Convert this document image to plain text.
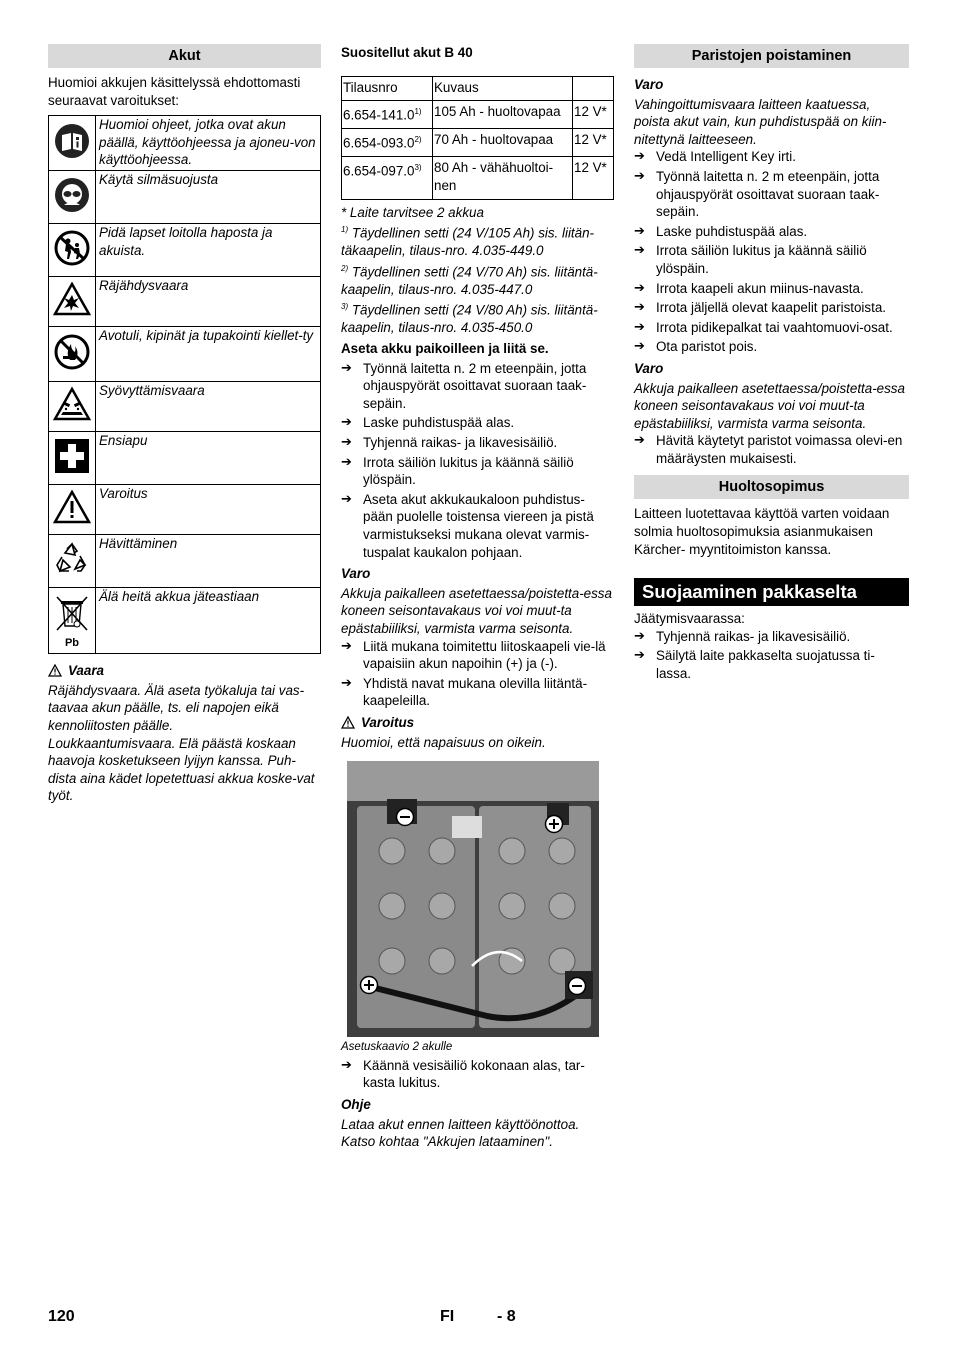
Akut

Huomioi akkujen käsittelyssä ehdottomasti seuraavat varoitukset:

	Huomioi ohjeet, jotka ovat akun päällä, käyttöohjeessa ja ajoneu-von käyttöohjeessa.
	Käytä silmäsuojusta
	Pidä lapset loitolla haposta ja akuista.
	Räjähdysvaara
	Avotuli, kipinät ja tupakointi kiellet-ty
	Syövyttämisvaara
	Ensiapu
	Varoitus
	Hävittäminen

Pb	Älä heitä akkua jäteastiaan
Vaara

Räjähdysvaara. Älä aseta työkaluja tai vas-taavaa akun päälle, ts. eli napojen eikä kennoliitosten päälle.

Loukkaantumisvaara. Elä päästä koskaan haavoja kosketukseen lyijyn kanssa. Puh-dista aina kädet lopetettuasi akkua koske-vat työt.

Suositellut akut B 40

Tilausnro	Kuvaus	
6.654-141.0$^{1)}$	105 Ah - huoltovapaa	12 V*
6.654-093.0$^{2)}$	70 Ah - huoltovapaa	12 V*
6.654-097.0$^{3)}$	80 Ah - vähähuoltoi-nen	12 V*

* Laite tarvitsee 2 akkua

$^{1)}$ Täydellinen setti (24 V/105 Ah) sis. liitän-täkaapelin, tilaus-nro. 4.035-449.0

$^{2)}$ Täydellinen setti (24 V/70 Ah) sis. liitäntä-kaapelin, tilaus-nro. 4.035-447.0

$^{3)}$ Täydellinen setti (24 V/80 Ah) sis. liitäntä-kaapelin, tilaus-nro. 4.035-450.0

Aseta akku paikoilleen ja liitä se.

➔ Työnnä laitetta n. 2 m eteenpäin, jotta ohjauspyörät osoittavat suoraan taak-sepäin.
➔ Laske puhdistuspää alas.
➔ Tyhjennä raikas- ja likavesisäiliö.
➔ Irrota säiliön lukitus ja käännä säiliö ylöspäin.
➔ Aseta akut akkukaukaloon puhdistus-pään puolelle toistensa viereen ja pistä varmistukseksi mukana olevat varmis-tuspalat kaukalon pohjaan.

Varo

Akkuja paikalleen asetettaessa/poistetta-essa koneen seisontavakaus voi voi muut-ta epästabiiliksi, varmista varma seisonta.

➔ Liitä mukana toimitettu liitoskaapeli vie-lä vapaisiin akun napoihin (+) ja (-).
➔ Yhdistä navat mukana olevilla liitäntä-kaapeleilla.
Varoitus

Huomioi, että napaisuus on oikein.

Asetuskaavio 2 akulle

➔ Käännä vesisäiliö kokonaan alas, tar-kasta lukitus.

Ohje

Lataa akut ennen laitteen käyttöönottoa. Katso kohtaa "Akkujen lataaminen".

Paristojen poistaminen

Varo

Vahingoittumisvaara laitteen kaatuessa, poista akut vain, kun puhdistuspää on kiin-nitettynä laitteeseen.

➔ Vedä Intelligent Key irti.
➔ Työnnä laitetta n. 2 m eteenpäin, jotta ohjauspyörät osoittavat suoraan taak-sepäin.
➔ Laske puhdistuspää alas.
➔ Irrota säiliön lukitus ja käännä säiliö ylöspäin.
➔ Irrota kaapeli akun miinus-navasta.
➔ Irrota jäljellä olevat kaapelit paristoista.
➔ Irrota pidikepalkat tai vaahtomuovi-osat.
➔ Ota paristot pois.

Varo

Akkuja paikalleen asetettaessa/poistetta-essa koneen seisontavakaus voi voi muut-ta epästabiiliksi, varmista varma seisonta.

➔ Hävitä käytetyt paristot voimassa olevi-en määräysten mukaisesti.
Huoltosopimus

Laitteen luotettavaa käyttöä varten voidaan solmia huoltosopimuksia asianmukaisen Kärcher- myyntitoimiston kanssa.

Suojaaminen pakkaselta

Jäätymisvaarassa:

➔ Tyhjennä raikas- ja likavesisäiliö.
➔ Säilytä laite pakkaselta suojatussa ti-lassa.
120	FI	- 8
